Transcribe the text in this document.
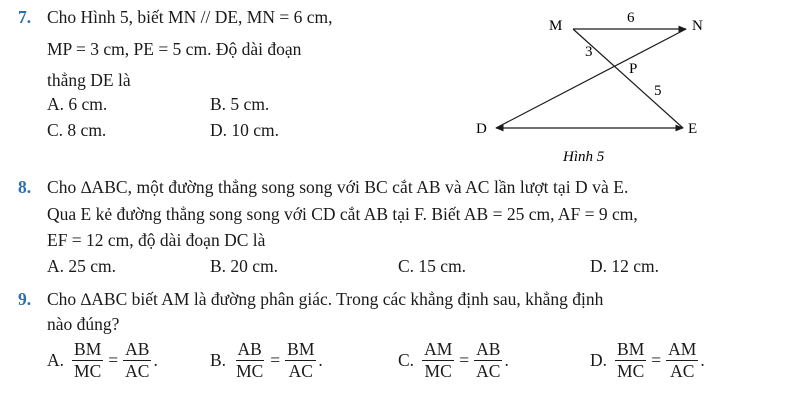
7. Cho Hình 5, biết MN // DE, MN = 6 cm,
MP = 3 cm, PE = 5 cm. Độ dài đoạn
thẳng DE là
A. 6 cm.	B. 5 cm.
C. 8 cm.	D. 10 cm.
M	N
P
D	E
6
3
5
Hình 5
8. Cho ∆ABC, một đường thẳng song song với BC cắt AB và AC lần lượt tại D và E.
Qua E kẻ đường thẳng song song với CD cắt AB tại F. Biết AB = 25 cm, AF = 9 cm,
EF = 12 cm, độ dài đoạn DC là
A. 25 cm.	B. 20 cm.	C. 15 cm.	D. 12 cm.
9. Cho ∆ABC biết AM là đường phân giác. Trong các khẳng định sau, khẳng định
nào đúng?
A. $\frac{BM}{MC} = \frac{AB}{AC}$ .	B. $\frac{AB}{MC} = \frac{BM}{AC}$ .	C. $\frac{AM}{MC} = \frac{AB}{AC}$ .	D. $\frac{BM}{MC} = \frac{AM}{AC}$ .
